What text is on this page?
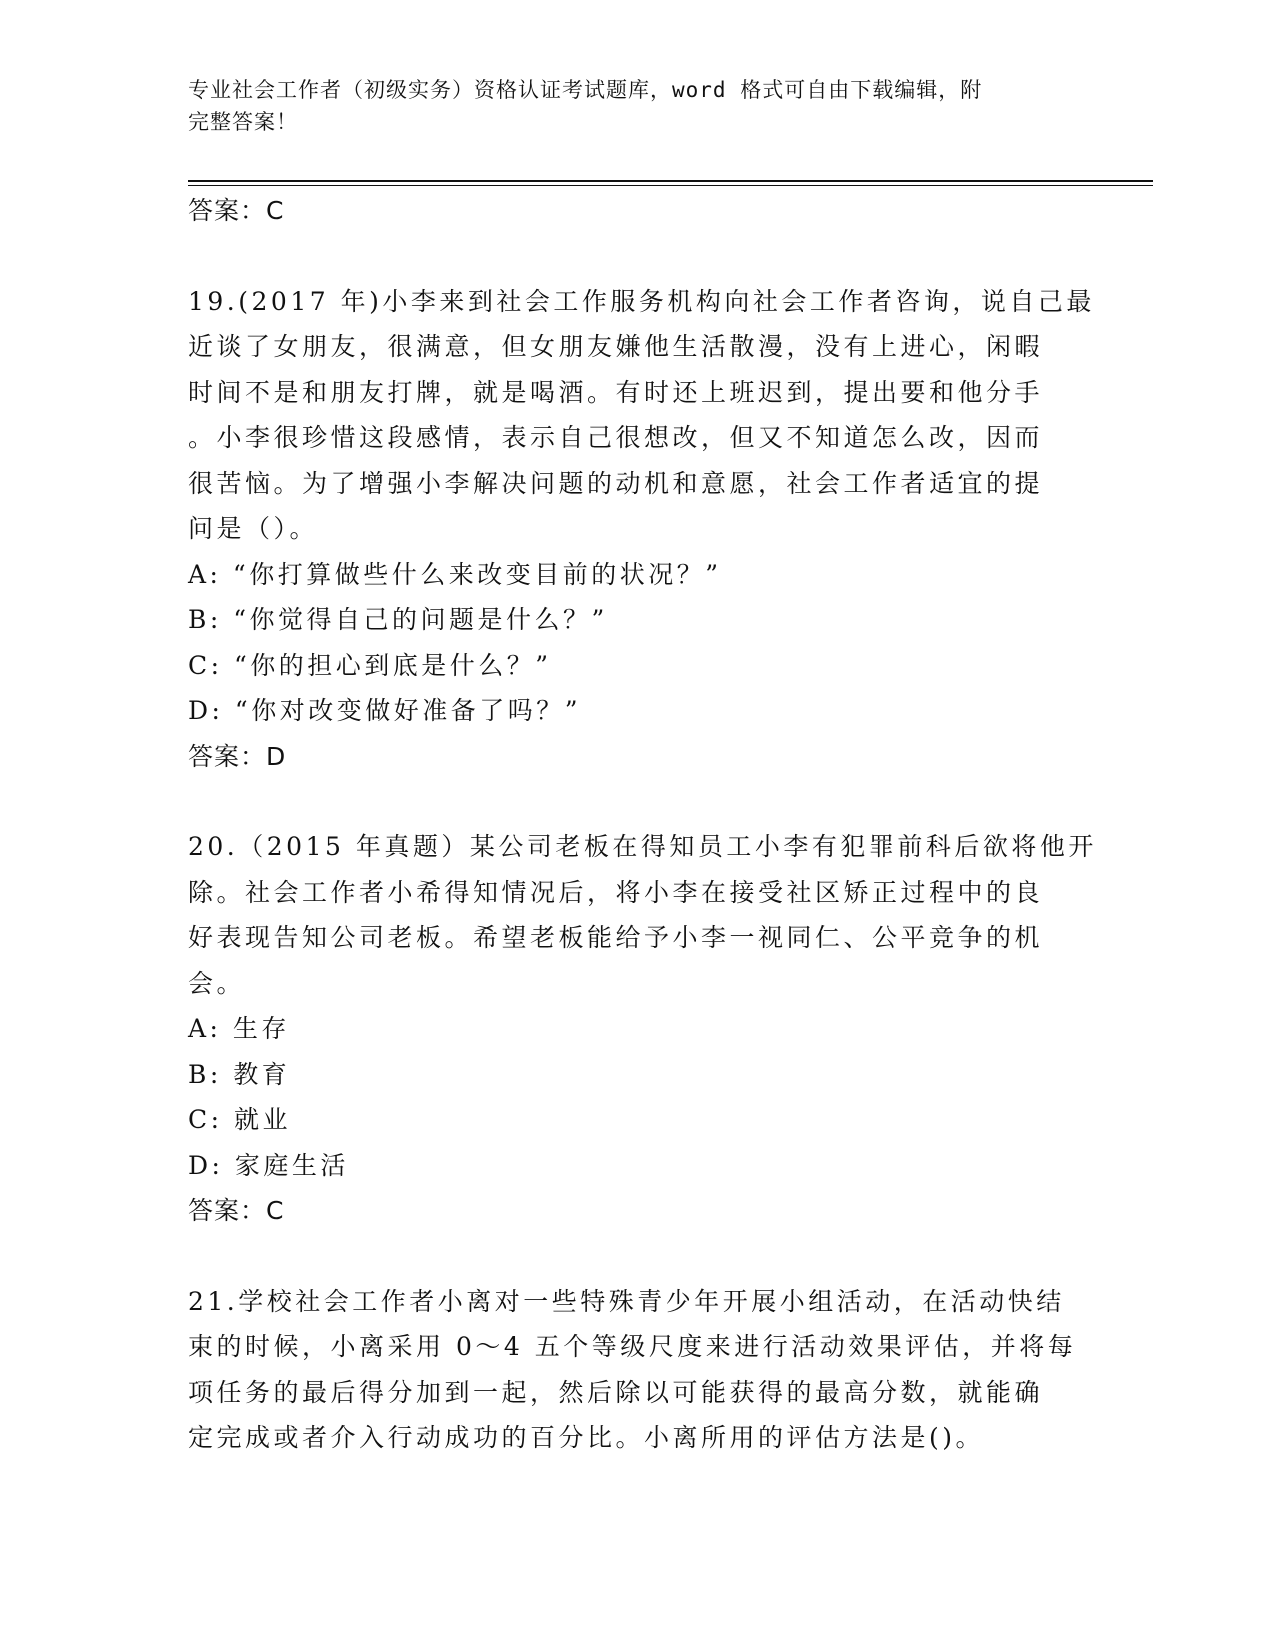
专业社会工作者（初级实务）资格认证考试题库，word 格式可自由下载编辑，附
完整答案！
答案：C
19.(2017 年)小李来到社会工作服务机构向社会工作者咨询，说自己最
近谈了女朋友，很满意，但女朋友嫌他生活散漫，没有上进心，闲暇
时间不是和朋友打牌，就是喝酒。有时还上班迟到，提出要和他分手
。小李很珍惜这段感情，表示自己很想改，但又不知道怎么改，因而
很苦恼。为了增强小李解决问题的动机和意愿，社会工作者适宜的提
问是（）。
A: “你打算做些什么来改变目前的状况？”
B: “你觉得自己的问题是什么？”
C: “你的担心到底是什么？”
D: “你对改变做好准备了吗？”
答案：D
20.（2015 年真题）某公司老板在得知员工小李有犯罪前科后欲将他开
除。社会工作者小希得知情况后，将小李在接受社区矫正过程中的良
好表现告知公司老板。希望老板能给予小李一视同仁、公平竞争的机
会。
A: 生存
B: 教育
C: 就业
D: 家庭生活
答案：C
21.学校社会工作者小离对一些特殊青少年开展小组活动，在活动快结
束的时候，小离采用 0～4 五个等级尺度来进行活动效果评估，并将每
项任务的最后得分加到一起，然后除以可能获得的最高分数，就能确
定完成或者介入行动成功的百分比。小离所用的评估方法是()。
